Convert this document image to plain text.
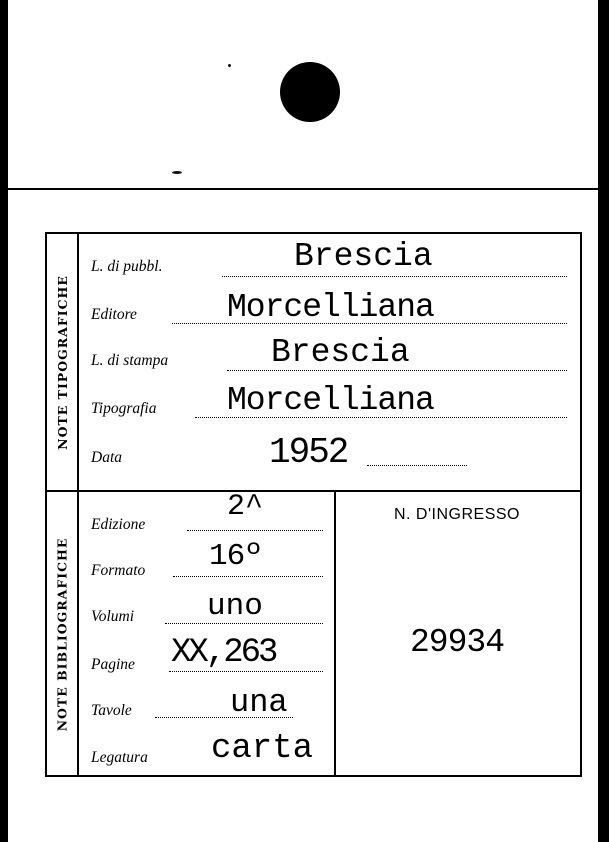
NOTE TIPOGRAFICHE
NOTE BIBLIOGRAFICHE
L. di pubbl.	Brescia
Editore	Morcelliana
L. di stampa	Brescia
Tipografia Morcelliana
Data	1952
Edizione
2^
Formato 16º
Volumi uno
Pagine XX,263
Tavole	una
Legatura carta
N. D'INGRESSO
29934
